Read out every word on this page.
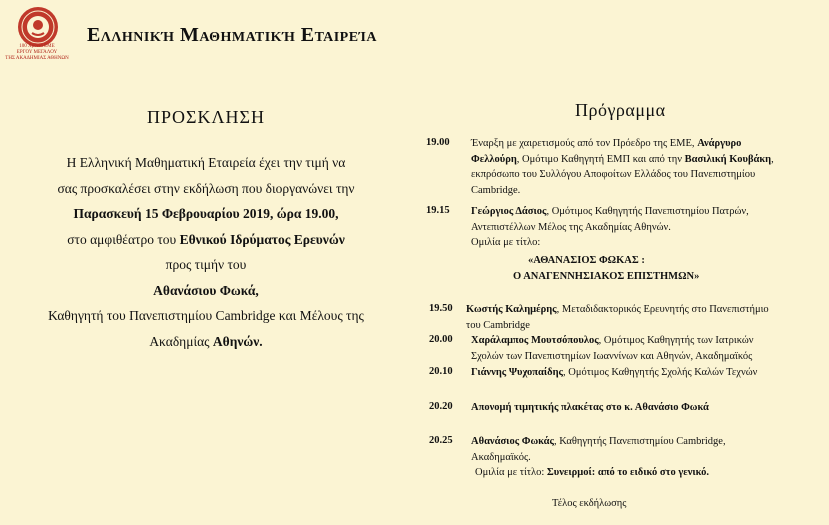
100 Χρόνια ΕΜΕ
ΕΡΓΟΥ ΜΕΓΑΛΟΥ
ΤΗΣ ΑΚΑΔΗΜΙΑΣ ΑΘΗΝΩΝ
Ελληνική Μαθηματική Εταιρεία
ΠΡΟΣΚΛΗΣΗ
Η Ελληνική Μαθηματική Εταιρεία έχει την τιμή να
σας προσκαλέσει στην εκδήλωση που διοργανώνει την
Παρασκευή 15 Φεβρουαρίου 2019, ώρα 19.00,
στο αμφιθέατρο του Εθνικού Ιδρύματος Ερευνών
προς τιμήν του
Αθανάσιου Φωκά,
Καθηγητή του Πανεπιστημίου Cambridge και Μέλους της
Ακαδημίας Αθηνών.
Πρόγραμμα
19.00 Έναρξη με χαιρετισμούς από τον Πρόεδρο της ΕΜΕ, Ανάργυρο
Φελλούρη, Ομότιμο Καθηγητή ΕΜΠ και από την Βασιλική Κουβάκη,
εκπρόσωπο του Συλλόγου Αποφοίτων Ελλάδος του Πανεπιστημίου
Cambridge.
19.15 Γεώργιος Δάσιος, Ομότιμος Καθηγητής Πανεπιστημίου Πατρών,
Αντεπιστέλλων Μέλος της Ακαδημίας Αθηνών.
Ομιλία με τίτλο:
«ΑΘΑΝΑΣΙΟΣ ΦΩΚΑΣ :
Ο ΑΝΑΓΕΝΝΗΣΙΑΚΟΣ ΕΠΙΣΤΗΜΩΝ»
19.50 Κωστής Καλημέρης, Μεταδιδακτορικός Ερευνητής στο Πανεπιστήμιο
του Cambridge
20.00 Χαράλαμπος Μουτσόπουλος, Ομότιμος Καθηγητής των Ιατρικών
Σχολών των Πανεπιστημίων Ιωαννίνων και Αθηνών, Ακαδημαϊκός
20.10 Γιάννης Ψυχοπαίδης, Ομότιμος Καθηγητής Σχολής Καλών Τεχνών
20.20 Απονομή τιμητικής πλακέτας στο κ. Αθανάσιο Φωκά
20.25 Αθανάσιος Φωκάς, Καθηγητής Πανεπιστημίου Cambridge,
Ακαδημαϊκός.
Ομιλία με τίτλο: Συνειρμοί: από το ειδικό στο γενικό.
Τέλος εκδήλωσης
